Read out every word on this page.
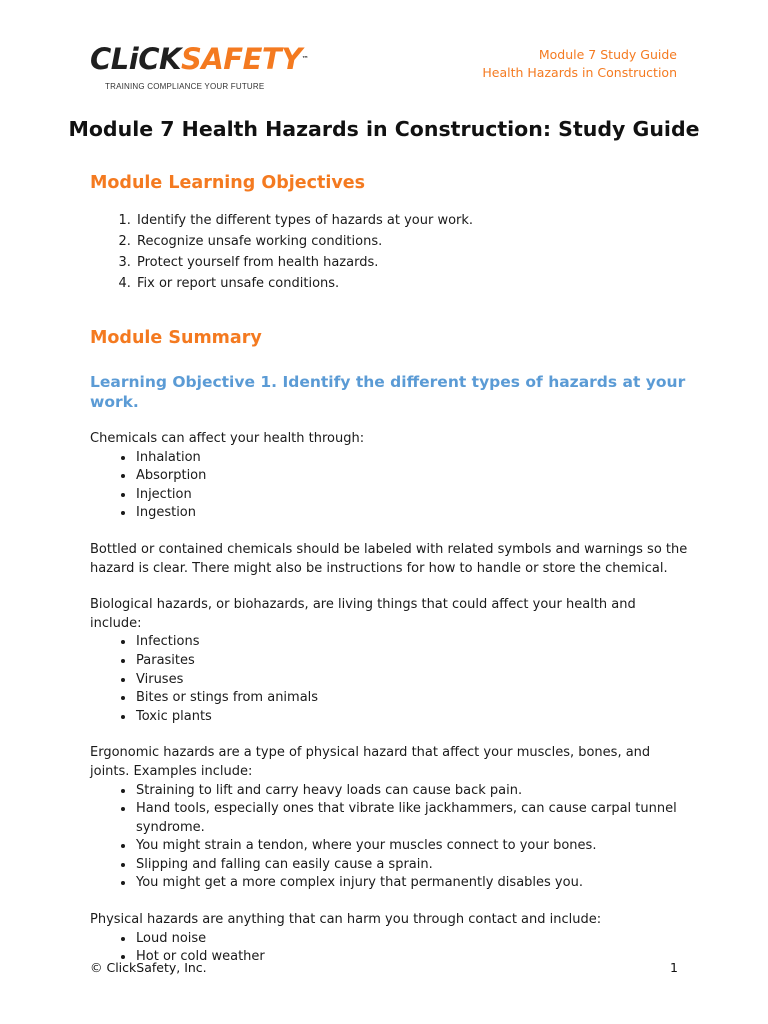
CLiCKSAFETY™
TRAINING COMPLIANCE YOUR FUTURE
Module 7 Study Guide
Health Hazards in Construction
Module 7 Health Hazards in Construction: Study Guide
Module Learning Objectives
1. Identify the different types of hazards at your work.
2. Recognize unsafe working conditions.
3. Protect yourself from health hazards.
4. Fix or report unsafe conditions.
Module Summary
Learning Objective 1. Identify the different types of hazards at your work.

Chemicals can affect your health through:

• Inhalation
• Absorption
• Injection
• Ingestion

Bottled or contained chemicals should be labeled with related symbols and warnings so the hazard is clear. There might also be instructions for how to handle or store the chemical.

Biological hazards, or biohazards, are living things that could affect your health and include:

• Infections
• Parasites
• Viruses
• Bites or stings from animals
• Toxic plants

Ergonomic hazards are a type of physical hazard that affect your muscles, bones, and joints. Examples include:

• Straining to lift and carry heavy loads can cause back pain.
• Hand tools, especially ones that vibrate like jackhammers, can cause carpal tunnel syndrome.
• You might strain a tendon, where your muscles connect to your bones.
• Slipping and falling can easily cause a sprain.
• You might get a more complex injury that permanently disables you.

Physical hazards are anything that can harm you through contact and include:

• Loud noise
• Hot or cold weather
© ClickSafety, Inc.	1
